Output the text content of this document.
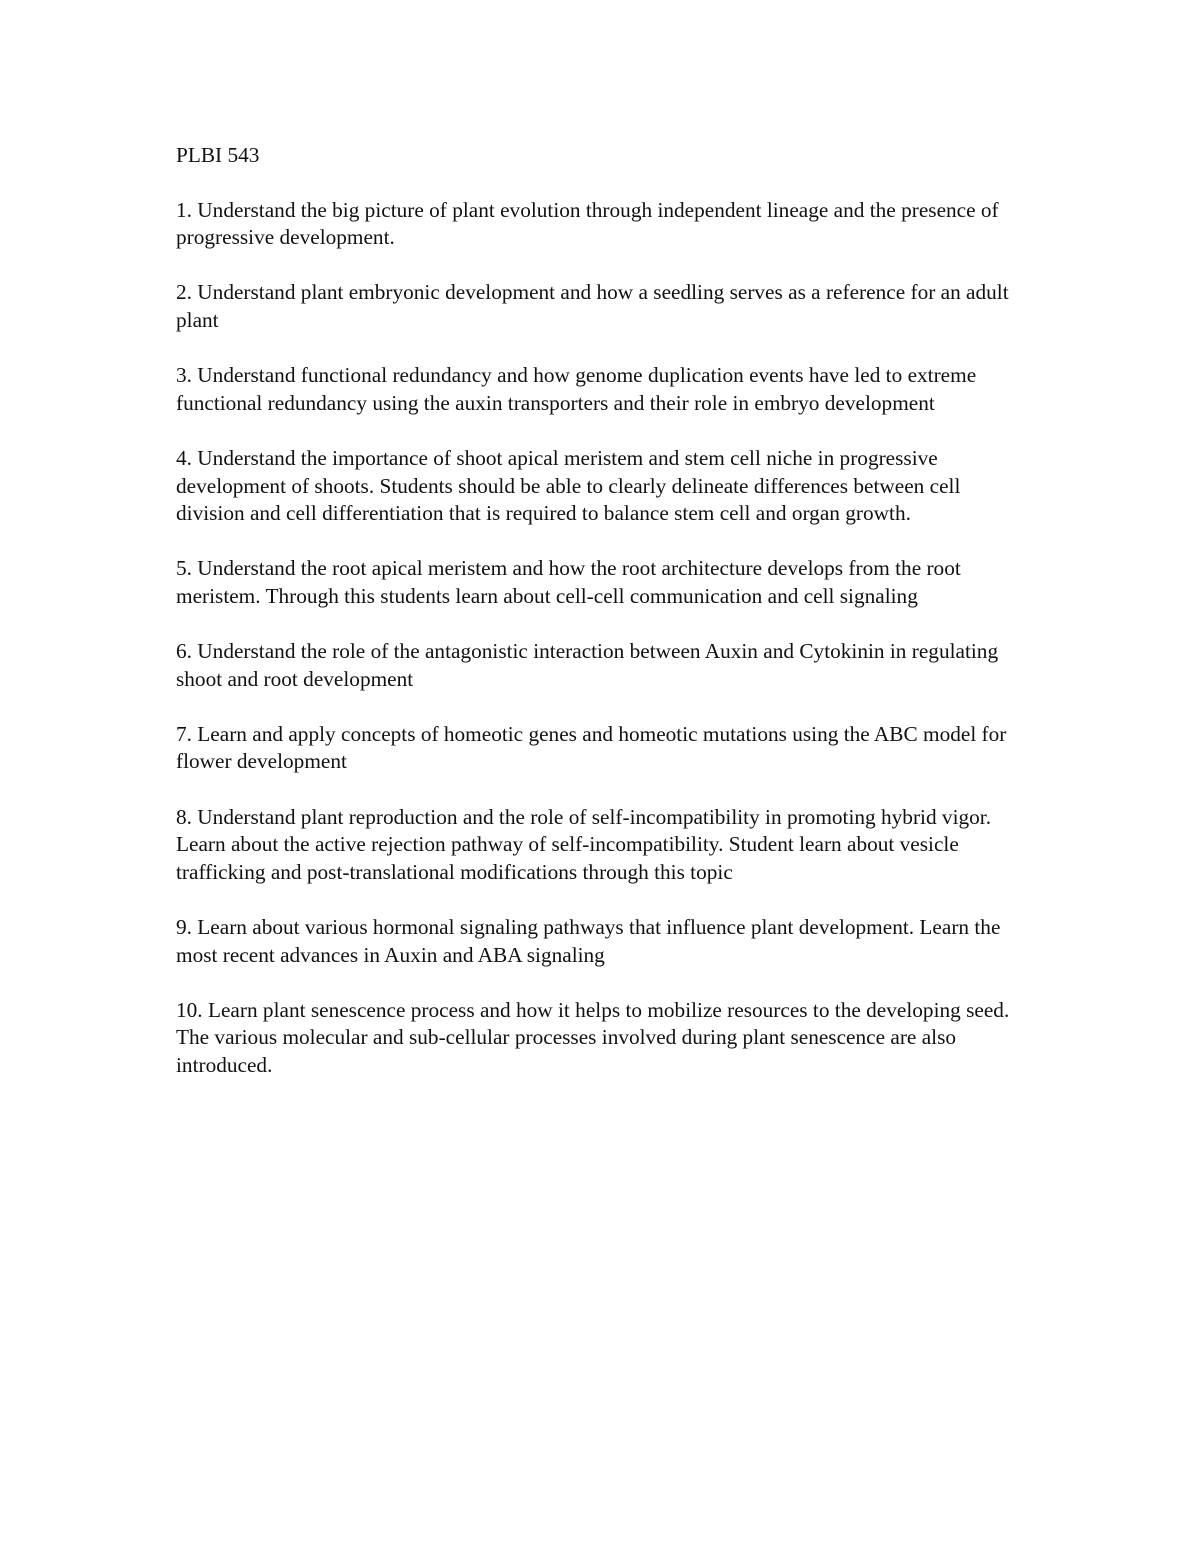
PLBI 543

1. Understand the big picture of plant evolution through independent lineage and the presence of progressive development.

2. Understand plant embryonic development and how a seedling serves as a reference for an adult plant

3. Understand functional redundancy and how genome duplication events have led to extreme functional redundancy using the auxin transporters and their role in embryo development

4. Understand the importance of shoot apical meristem and stem cell niche in progressive development of shoots. Students should be able to clearly delineate differences between cell division and cell differentiation that is required to balance stem cell and organ growth.

5. Understand the root apical meristem and how the root architecture develops from the root meristem. Through this students learn about cell-cell communication and cell signaling

6. Understand the role of the antagonistic interaction between Auxin and Cytokinin in regulating shoot and root development

7. Learn and apply concepts of homeotic genes and homeotic mutations using the ABC model for flower development

8. Understand plant reproduction and the role of self-incompatibility in promoting hybrid vigor. Learn about the active rejection pathway of self-incompatibility. Student learn about vesicle trafficking and post-translational modifications through this topic

9. Learn about various hormonal signaling pathways that influence plant development. Learn the most recent advances in Auxin and ABA signaling

10. Learn plant senescence process and how it helps to mobilize resources to the developing seed. The various molecular and sub-cellular processes involved during plant senescence are also introduced.
